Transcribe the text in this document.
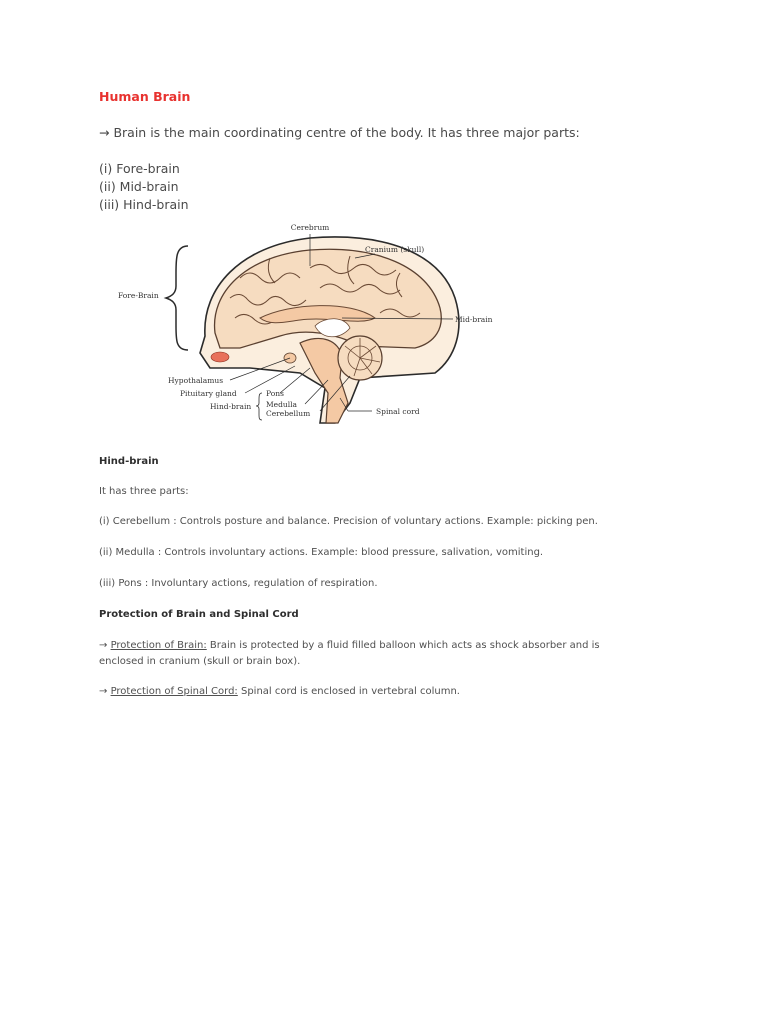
Human Brain
→ Brain is the main coordinating centre of the body. It has three major parts:
(i) Fore-brain
(ii) Mid-brain
(iii) Hind-brain
Cerebrum
Cranium (skull)
Fore-Brain
Mid-brain
Hypothalamus
Pituitary gland
Hind-brain
Pons
Medulla
Cerebellum	Spinal cord
Hind-brain
It has three parts:
(i) Cerebellum : Controls posture and balance. Precision of voluntary actions. Example: picking pen.
(ii) Medulla : Controls involuntary actions. Example: blood pressure, salivation, vomiting.
(iii) Pons : Involuntary actions, regulation of respiration.
Protection of Brain and Spinal Cord
→ Protection of Brain: Brain is protected by a fluid filled balloon which acts as shock absorber and is
enclosed in cranium (skull or brain box).
→ Protection of Spinal Cord: Spinal cord is enclosed in vertebral column.
